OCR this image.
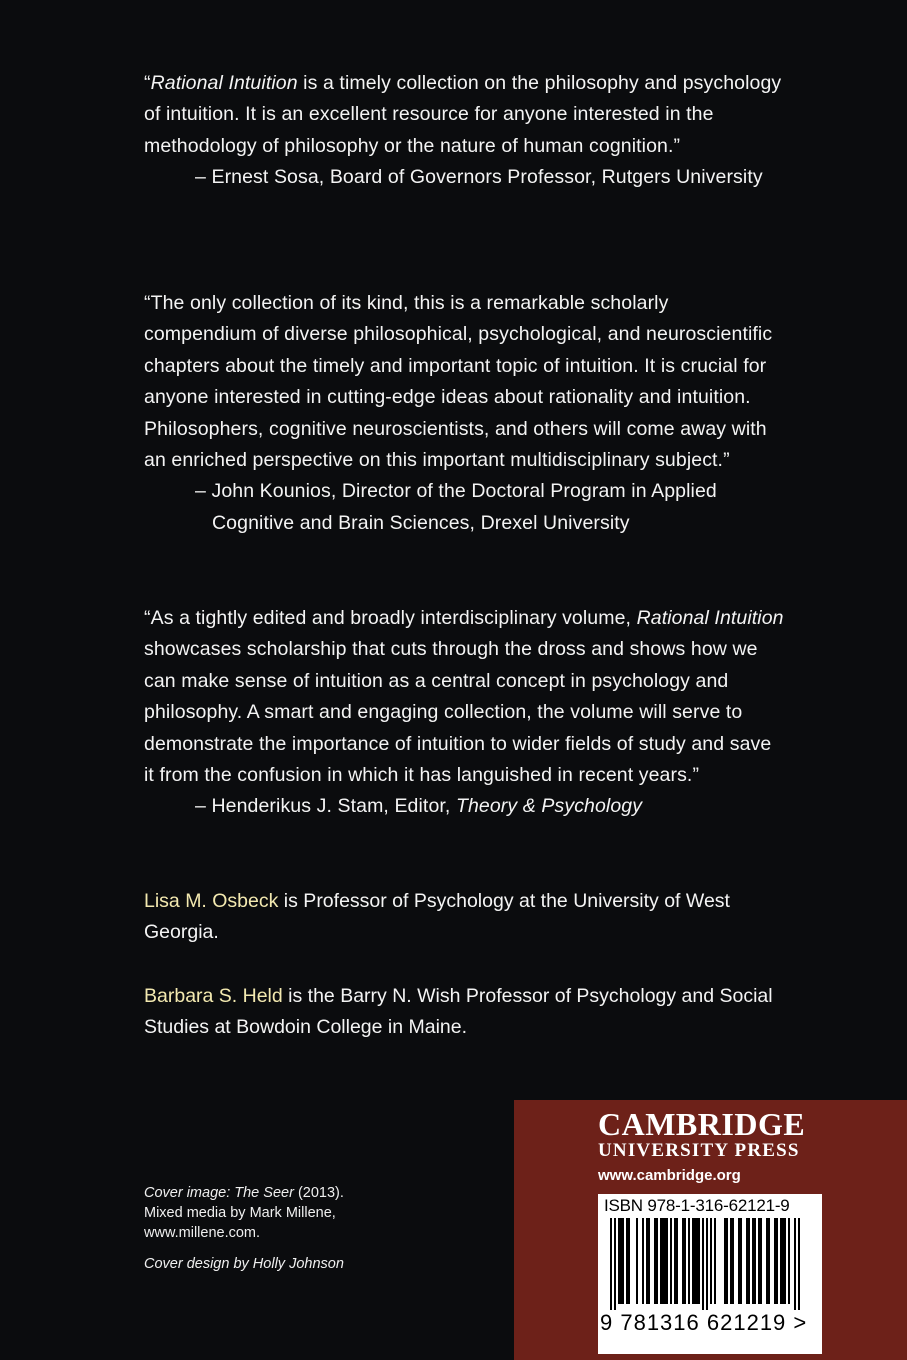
“Rational Intuition is a timely collection on the philosophy and psychology of intuition. It is an excellent resource for anyone interested in the methodology of philosophy or the nature of human cognition.”

– Ernest Sosa, Board of Governors Professor, Rutgers University

“The only collection of its kind, this is a remarkable scholarly compendium of diverse philosophical, psychological, and neuroscientific chapters about the timely and important topic of intuition. It is crucial for anyone interested in cutting-edge ideas about rationality and intuition. Philosophers, cognitive neuroscientists, and others will come away with an enriched perspective on this important multidisciplinary subject.”

– John Kounios, Director of the Doctoral Program in Applied Cognitive and Brain Sciences, Drexel University

“As a tightly edited and broadly interdisciplinary volume, Rational Intuition showcases scholarship that cuts through the dross and shows how we can make sense of intuition as a central concept in psychology and philosophy. A smart and engaging collection, the volume will serve to demonstrate the importance of intuition to wider fields of study and save it from the confusion in which it has languished in recent years.”

– Henderikus J. Stam, Editor, Theory & Psychology

Lisa M. Osbeck is Professor of Psychology at the University of West Georgia.

Barbara S. Held is the Barry N. Wish Professor of Psychology and Social Studies at Bowdoin College in Maine.

Cover image: The Seer (2013).

Mixed media by Mark Millene,

www.millene.com.

Cover design by Holly Johnson

CAMBRIDGE
UNIVERSITY PRESS
www.cambridge.org
ISBN 978-1-316-62121-9
9 781316 621219 >
